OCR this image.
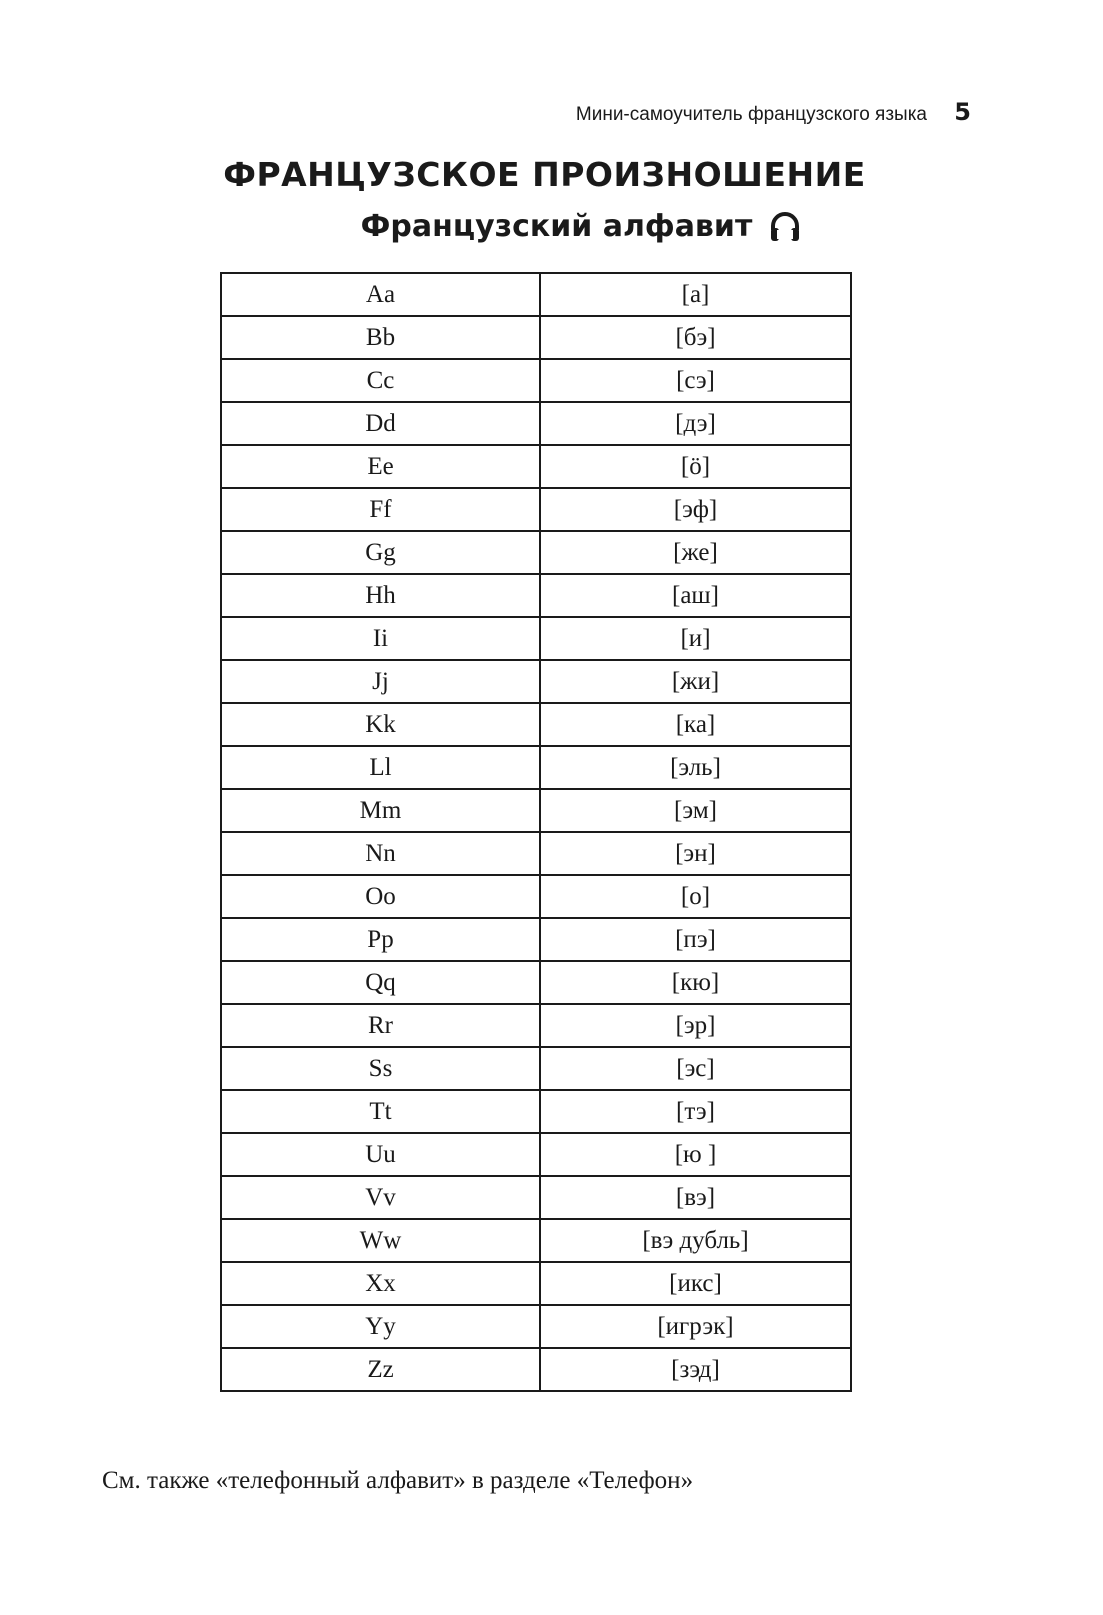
Мини-самоучитель французского языка	5
ФРАНЦУЗСКОЕ ПРОИЗНОШЕНИЕ
Французский алфавит
Aa	[а]
Bb	[бэ]
Cc	[сэ]
Dd	[дэ]
Ee	[ö]
Ff	[эф]
Gg	[же]
Hh	[аш]
Ii	[и]
Jj	[жи]
Kk	[ка]
Ll	[эль]
Mm	[эм]
Nn	[эн]
Oo	[о]
Pp	[пэ]
Qq	[кю]
Rr	[эр]
Ss	[эс]
Tt	[тэ]
Uu	[ю ]
Vv	[вэ]
Ww	[вэ дубль]
Xx	[икс]
Yy	[игрэк]
Zz	[зэд]
См. также «телефонный алфавит» в разделе «Телефон»
